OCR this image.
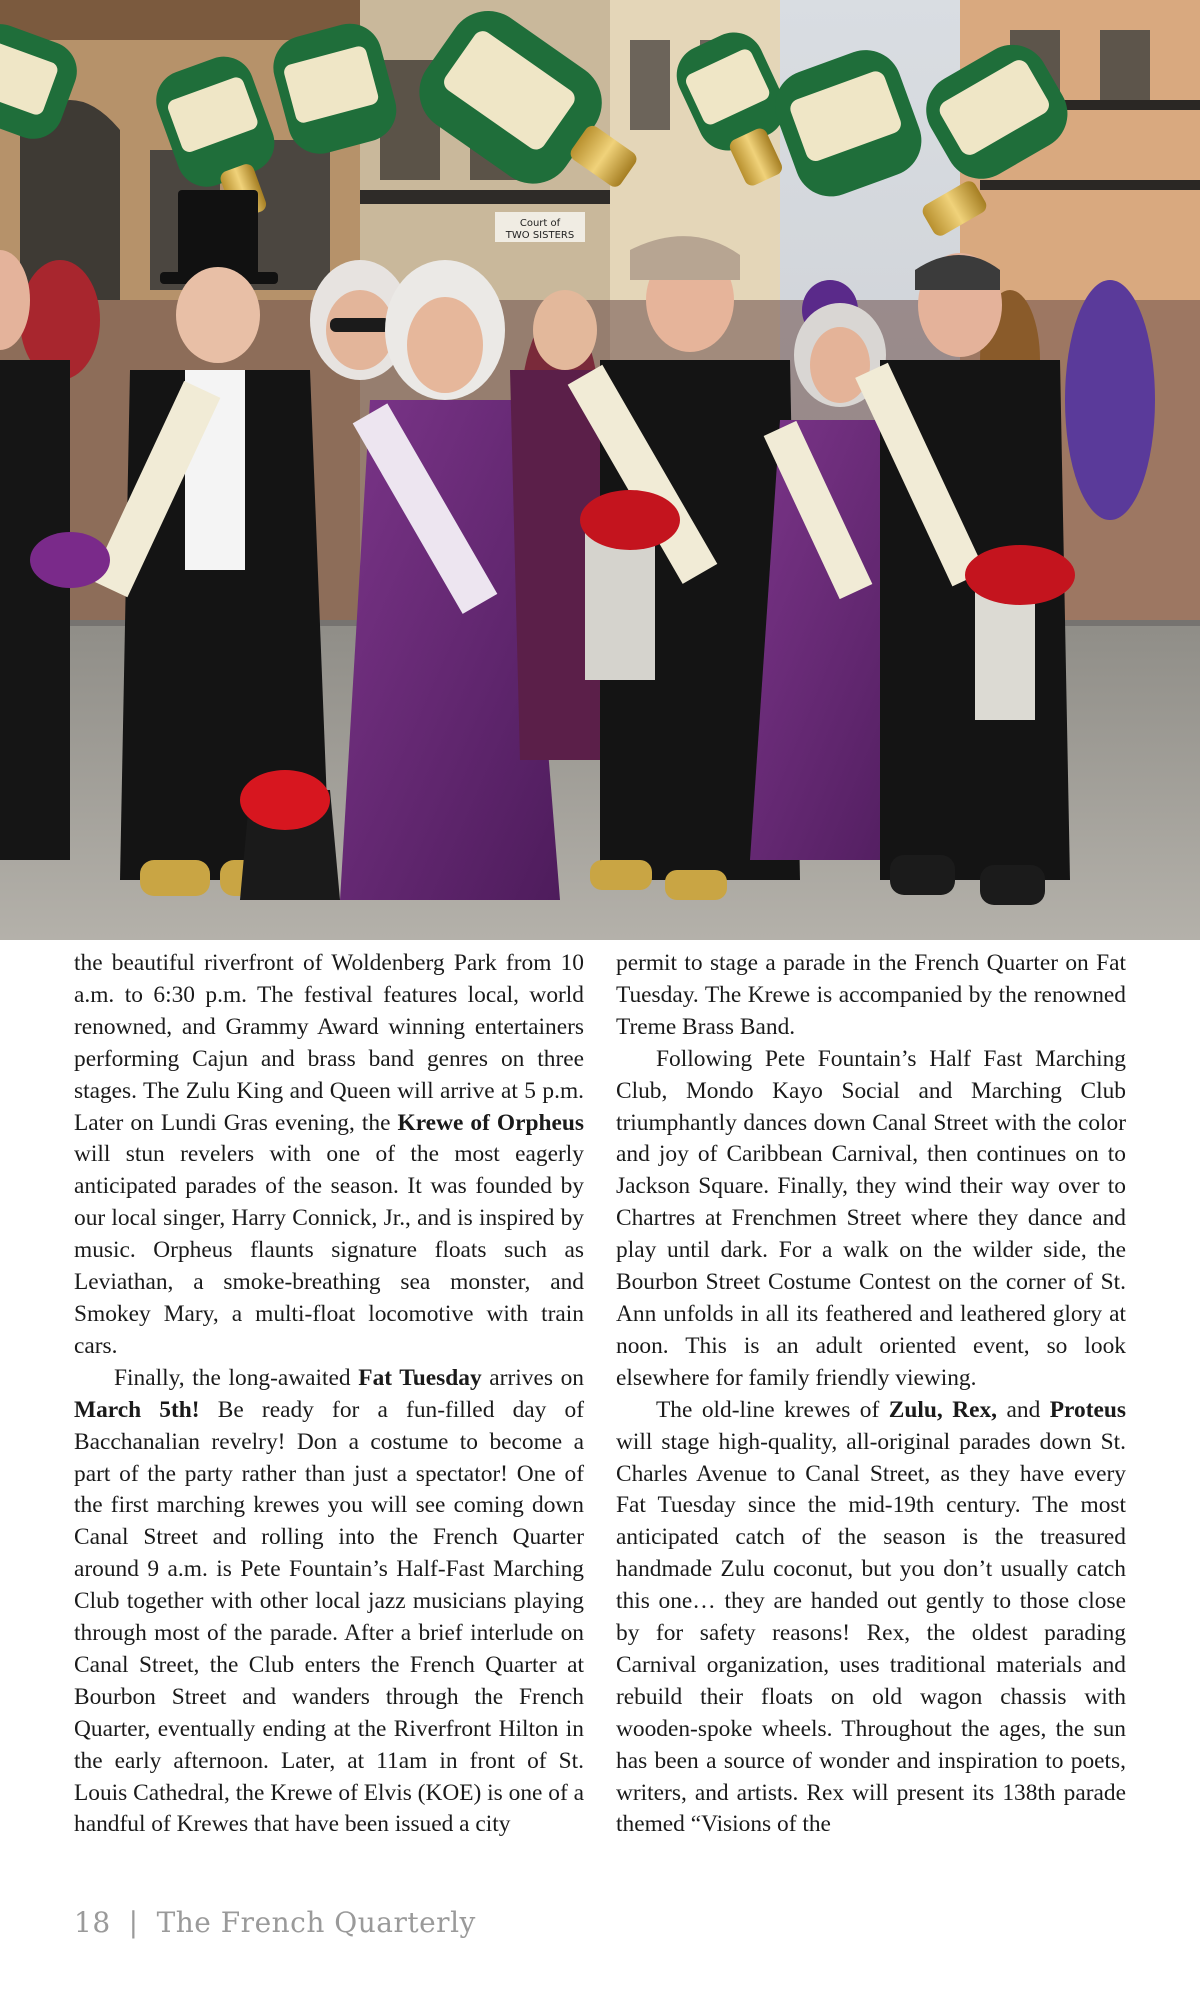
Court of
TWO SISTERS

the beautiful riverfront of Woldenberg Park from 10 a.m. to 6:30 p.m. The festival features local, world renowned, and Grammy Award winning entertainers performing Cajun and brass band genres on three stages. The Zulu King and Queen will arrive at 5 p.m. Later on Lundi Gras evening, the Krewe of Orpheus will stun revelers with one of the most eagerly anticipated parades of the season. It was founded by our local singer, Harry Connick, Jr., and is inspired by music. Orpheus flaunts signature floats such as Leviathan, a smoke-breathing sea monster, and Smokey Mary, a multi-float locomotive with train cars.

Finally, the long-awaited Fat Tuesday arrives on March 5th! Be ready for a fun-filled day of Bacchanalian revelry! Don a costume to become a part of the party rather than just a spectator! One of the first marching krewes you will see coming down Canal Street and rolling into the French Quarter around 9 a.m. is Pete Fountain’s Half-Fast Marching Club together with other local jazz musicians playing through most of the parade. After a brief interlude on Canal Street, the Club enters the French Quarter at Bourbon Street and wanders through the French Quarter, eventually ending at the Riverfront Hilton in the early afternoon. Later, at 11am in front of St. Louis Cathedral, the Krewe of Elvis (KOE) is one of a handful of Krewes that have been issued a city

permit to stage a parade in the French Quarter on Fat Tuesday. The Krewe is accompanied by the renowned Treme Brass Band.

Following Pete Fountain’s Half Fast Marching Club, Mondo Kayo Social and Marching Club triumphantly dances down Canal Street with the color and joy of Caribbean Carnival, then continues on to Jackson Square. Finally, they wind their way over to Chartres at Frenchmen Street where they dance and play until dark. For a walk on the wilder side, the Bourbon Street Costume Contest on the corner of St. Ann unfolds in all its feathered and leathered glory at noon. This is an adult oriented event, so look elsewhere for family friendly viewing.

The old-line krewes of Zulu, Rex, and Proteus will stage high-quality, all-original parades down St. Charles Avenue to Canal Street, as they have every Fat Tuesday since the mid-19th century. The most anticipated catch of the season is the treasured handmade Zulu coconut, but you don’t usually catch this one… they are handed out gently to those close by for safety reasons! Rex, the oldest parading Carnival organization, uses traditional materials and rebuild their floats on old wagon chassis with wooden-spoke wheels. Throughout the ages, the sun has been a source of wonder and inspiration to poets, writers, and artists. Rex will present its 138th parade themed “Visions of the

18 | The French Quarterly
